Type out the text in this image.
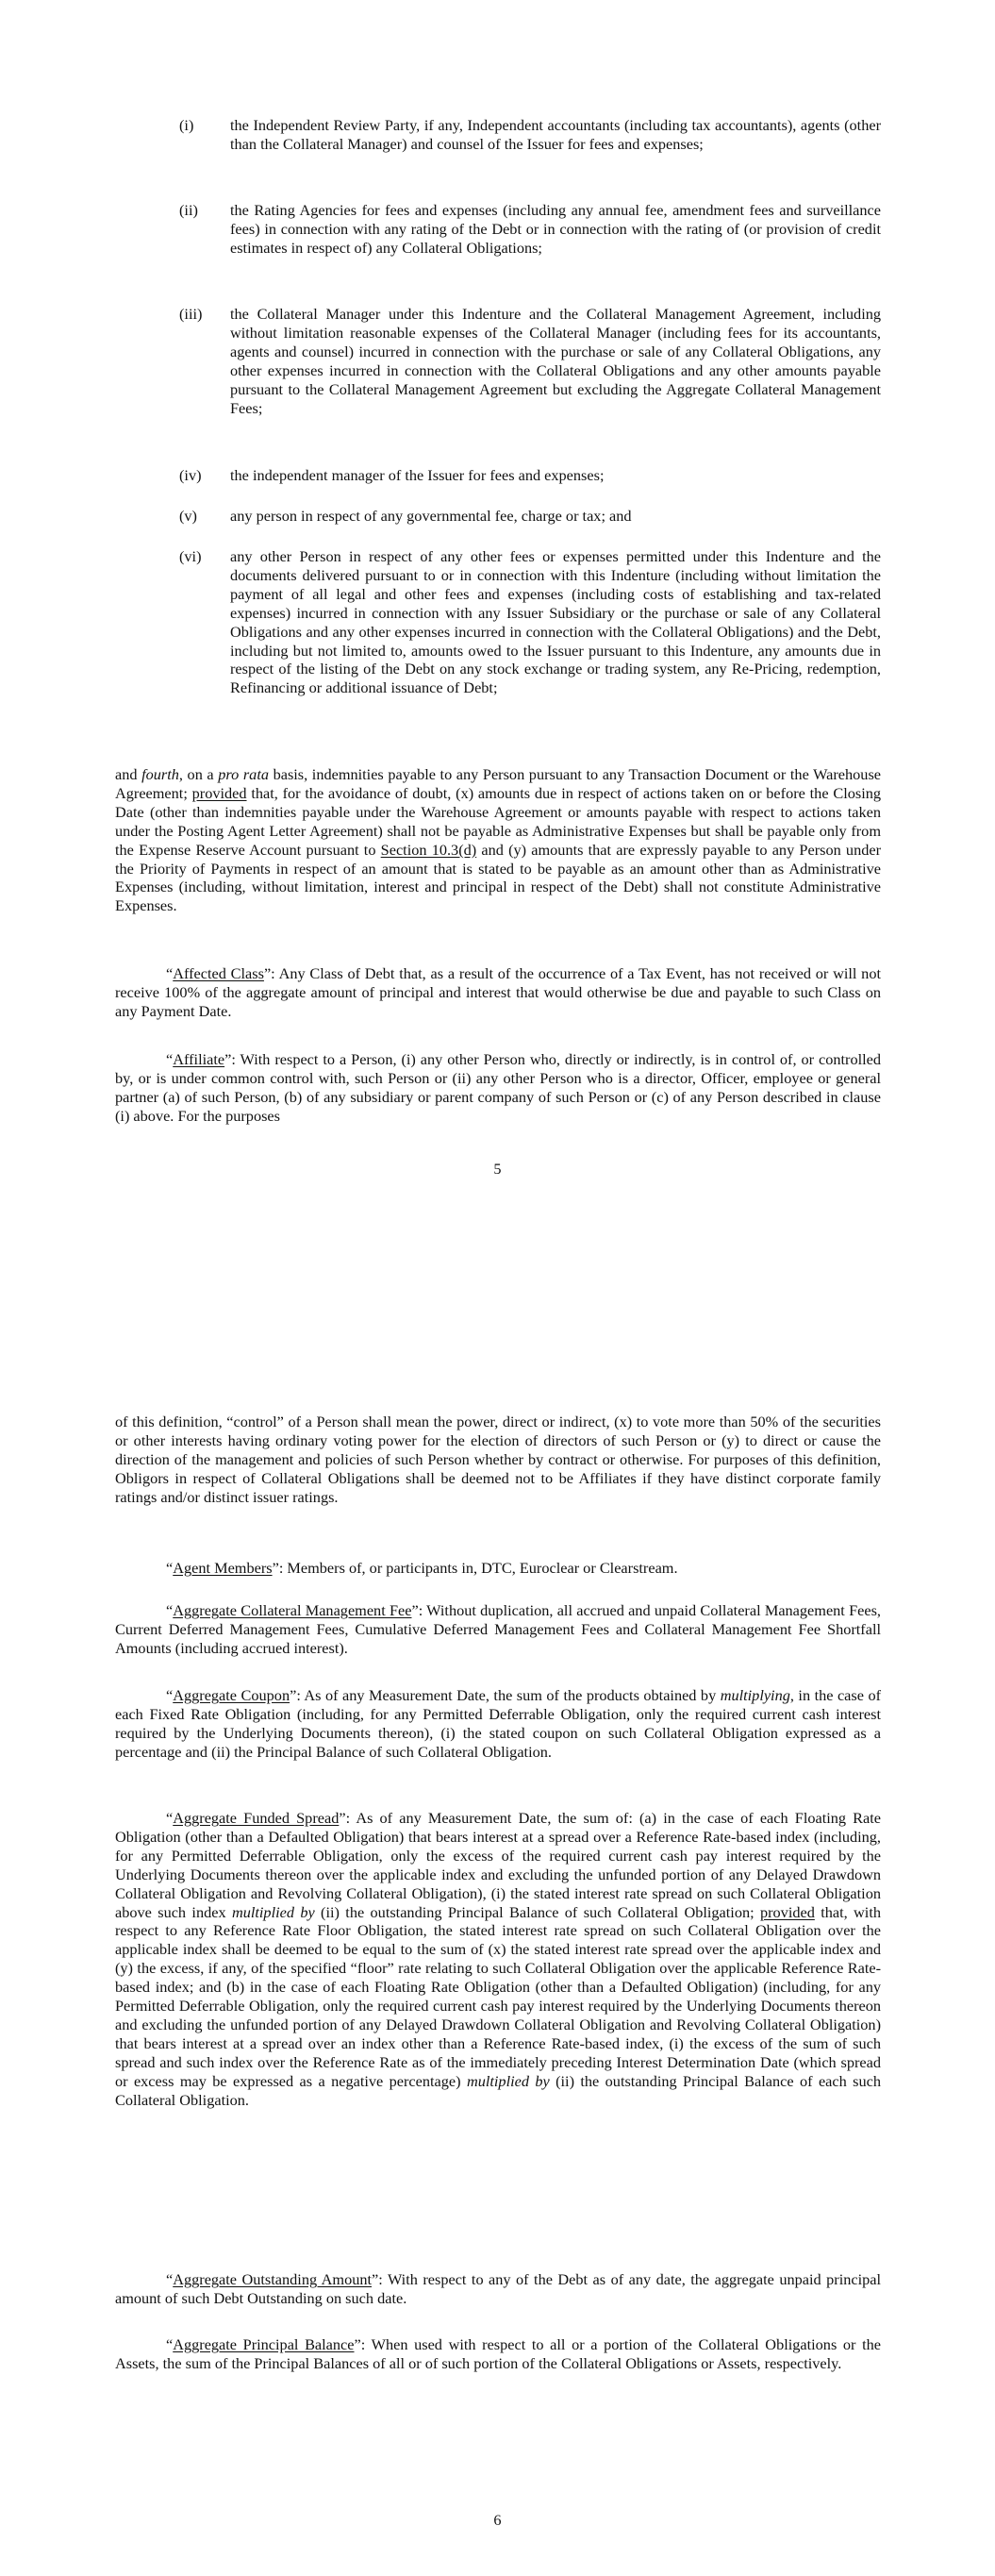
(i) the Independent Review Party, if any, Independent accountants (including tax accountants), agents (other than the Collateral Manager) and counsel of the Issuer for fees and expenses;

(ii) the Rating Agencies for fees and expenses (including any annual fee, amendment fees and surveillance fees) in connection with any rating of the Debt or in connection with the rating of (or provision of credit estimates in respect of) any Collateral Obligations;

(iii) the Collateral Manager under this Indenture and the Collateral Management Agreement, including without limitation reasonable expenses of the Collateral Manager (including fees for its accountants, agents and counsel) incurred in connection with the purchase or sale of any Collateral Obligations, any other expenses incurred in connection with the Collateral Obligations and any other amounts payable pursuant to the Collateral Management Agreement but excluding the Aggregate Collateral Management Fees;

(iv) the independent manager of the Issuer for fees and expenses;

(v) any person in respect of any governmental fee, charge or tax; and

(vi) any other Person in respect of any other fees or expenses permitted under this Indenture and the documents delivered pursuant to or in connection with this Indenture (including without limitation the payment of all legal and other fees and expenses (including costs of establishing and tax-related expenses) incurred in connection with any Issuer Subsidiary or the purchase or sale of any Collateral Obligations and any other expenses incurred in connection with the Collateral Obligations) and the Debt, including but not limited to, amounts owed to the Issuer pursuant to this Indenture, any amounts due in respect of the listing of the Debt on any stock exchange or trading system, any Re-Pricing, redemption, Refinancing or additional issuance of Debt;

and fourth, on a pro rata basis, indemnities payable to any Person pursuant to any Transaction Document or the Warehouse Agreement; provided that, for the avoidance of doubt, (x) amounts due in respect of actions taken on or before the Closing Date (other than indemnities payable under the Warehouse Agreement or amounts payable with respect to actions taken under the Posting Agent Letter Agreement) shall not be payable as Administrative Expenses but shall be payable only from the Expense Reserve Account pursuant to Section 10.3(d) and (y) amounts that are expressly payable to any Person under the Priority of Payments in respect of an amount that is stated to be payable as an amount other than as Administrative Expenses (including, without limitation, interest and principal in respect of the Debt) shall not constitute Administrative Expenses.

“Affected Class”: Any Class of Debt that, as a result of the occurrence of a Tax Event, has not received or will not receive 100% of the aggregate amount of principal and interest that would otherwise be due and payable to such Class on any Payment Date.

“Affiliate”: With respect to a Person, (i) any other Person who, directly or indirectly, is in control of, or controlled by, or is under common control with, such Person or (ii) any other Person who is a director, Officer, employee or general partner (a) of such Person, (b) of any subsidiary or parent company of such Person or (c) of any Person described in clause (i) above. For the purposes

5

of this definition, “control” of a Person shall mean the power, direct or indirect, (x) to vote more than 50% of the securities or other interests having ordinary voting power for the election of directors of such Person or (y) to direct or cause the direction of the management and policies of such Person whether by contract or otherwise. For purposes of this definition, Obligors in respect of Collateral Obligations shall be deemed not to be Affiliates if they have distinct corporate family ratings and/or distinct issuer ratings.

“Agent Members”: Members of, or participants in, DTC, Euroclear or Clearstream.

“Aggregate Collateral Management Fee”: Without duplication, all accrued and unpaid Collateral Management Fees, Current Deferred Management Fees, Cumulative Deferred Management Fees and Collateral Management Fee Shortfall Amounts (including accrued interest).

“Aggregate Coupon”: As of any Measurement Date, the sum of the products obtained by multiplying, in the case of each Fixed Rate Obligation (including, for any Permitted Deferrable Obligation, only the required current cash interest required by the Underlying Documents thereon), (i) the stated coupon on such Collateral Obligation expressed as a percentage and (ii) the Principal Balance of such Collateral Obligation.

“Aggregate Funded Spread”: As of any Measurement Date, the sum of: (a) in the case of each Floating Rate Obligation (other than a Defaulted Obligation) that bears interest at a spread over a Reference Rate-based index (including, for any Permitted Deferrable Obligation, only the excess of the required current cash pay interest required by the Underlying Documents thereon over the applicable index and excluding the unfunded portion of any Delayed Drawdown Collateral Obligation and Revolving Collateral Obligation), (i) the stated interest rate spread on such Collateral Obligation above such index multiplied by (ii) the outstanding Principal Balance of such Collateral Obligation; provided that, with respect to any Reference Rate Floor Obligation, the stated interest rate spread on such Collateral Obligation over the applicable index shall be deemed to be equal to the sum of (x) the stated interest rate spread over the applicable index and (y) the excess, if any, of the specified “floor” rate relating to such Collateral Obligation over the applicable Reference Rate-based index; and (b) in the case of each Floating Rate Obligation (other than a Defaulted Obligation) (including, for any Permitted Deferrable Obligation, only the required current cash pay interest required by the Underlying Documents thereon and excluding the unfunded portion of any Delayed Drawdown Collateral Obligation and Revolving Collateral Obligation) that bears interest at a spread over an index other than a Reference Rate-based index, (i) the excess of the sum of such spread and such index over the Reference Rate as of the immediately preceding Interest Determination Date (which spread or excess may be expressed as a negative percentage) multiplied by (ii) the outstanding Principal Balance of each such Collateral Obligation.

“Aggregate Outstanding Amount”: With respect to any of the Debt as of any date, the aggregate unpaid principal amount of such Debt Outstanding on such date.

“Aggregate Principal Balance”: When used with respect to all or a portion of the Collateral Obligations or the Assets, the sum of the Principal Balances of all or of such portion of the Collateral Obligations or Assets, respectively.

6
